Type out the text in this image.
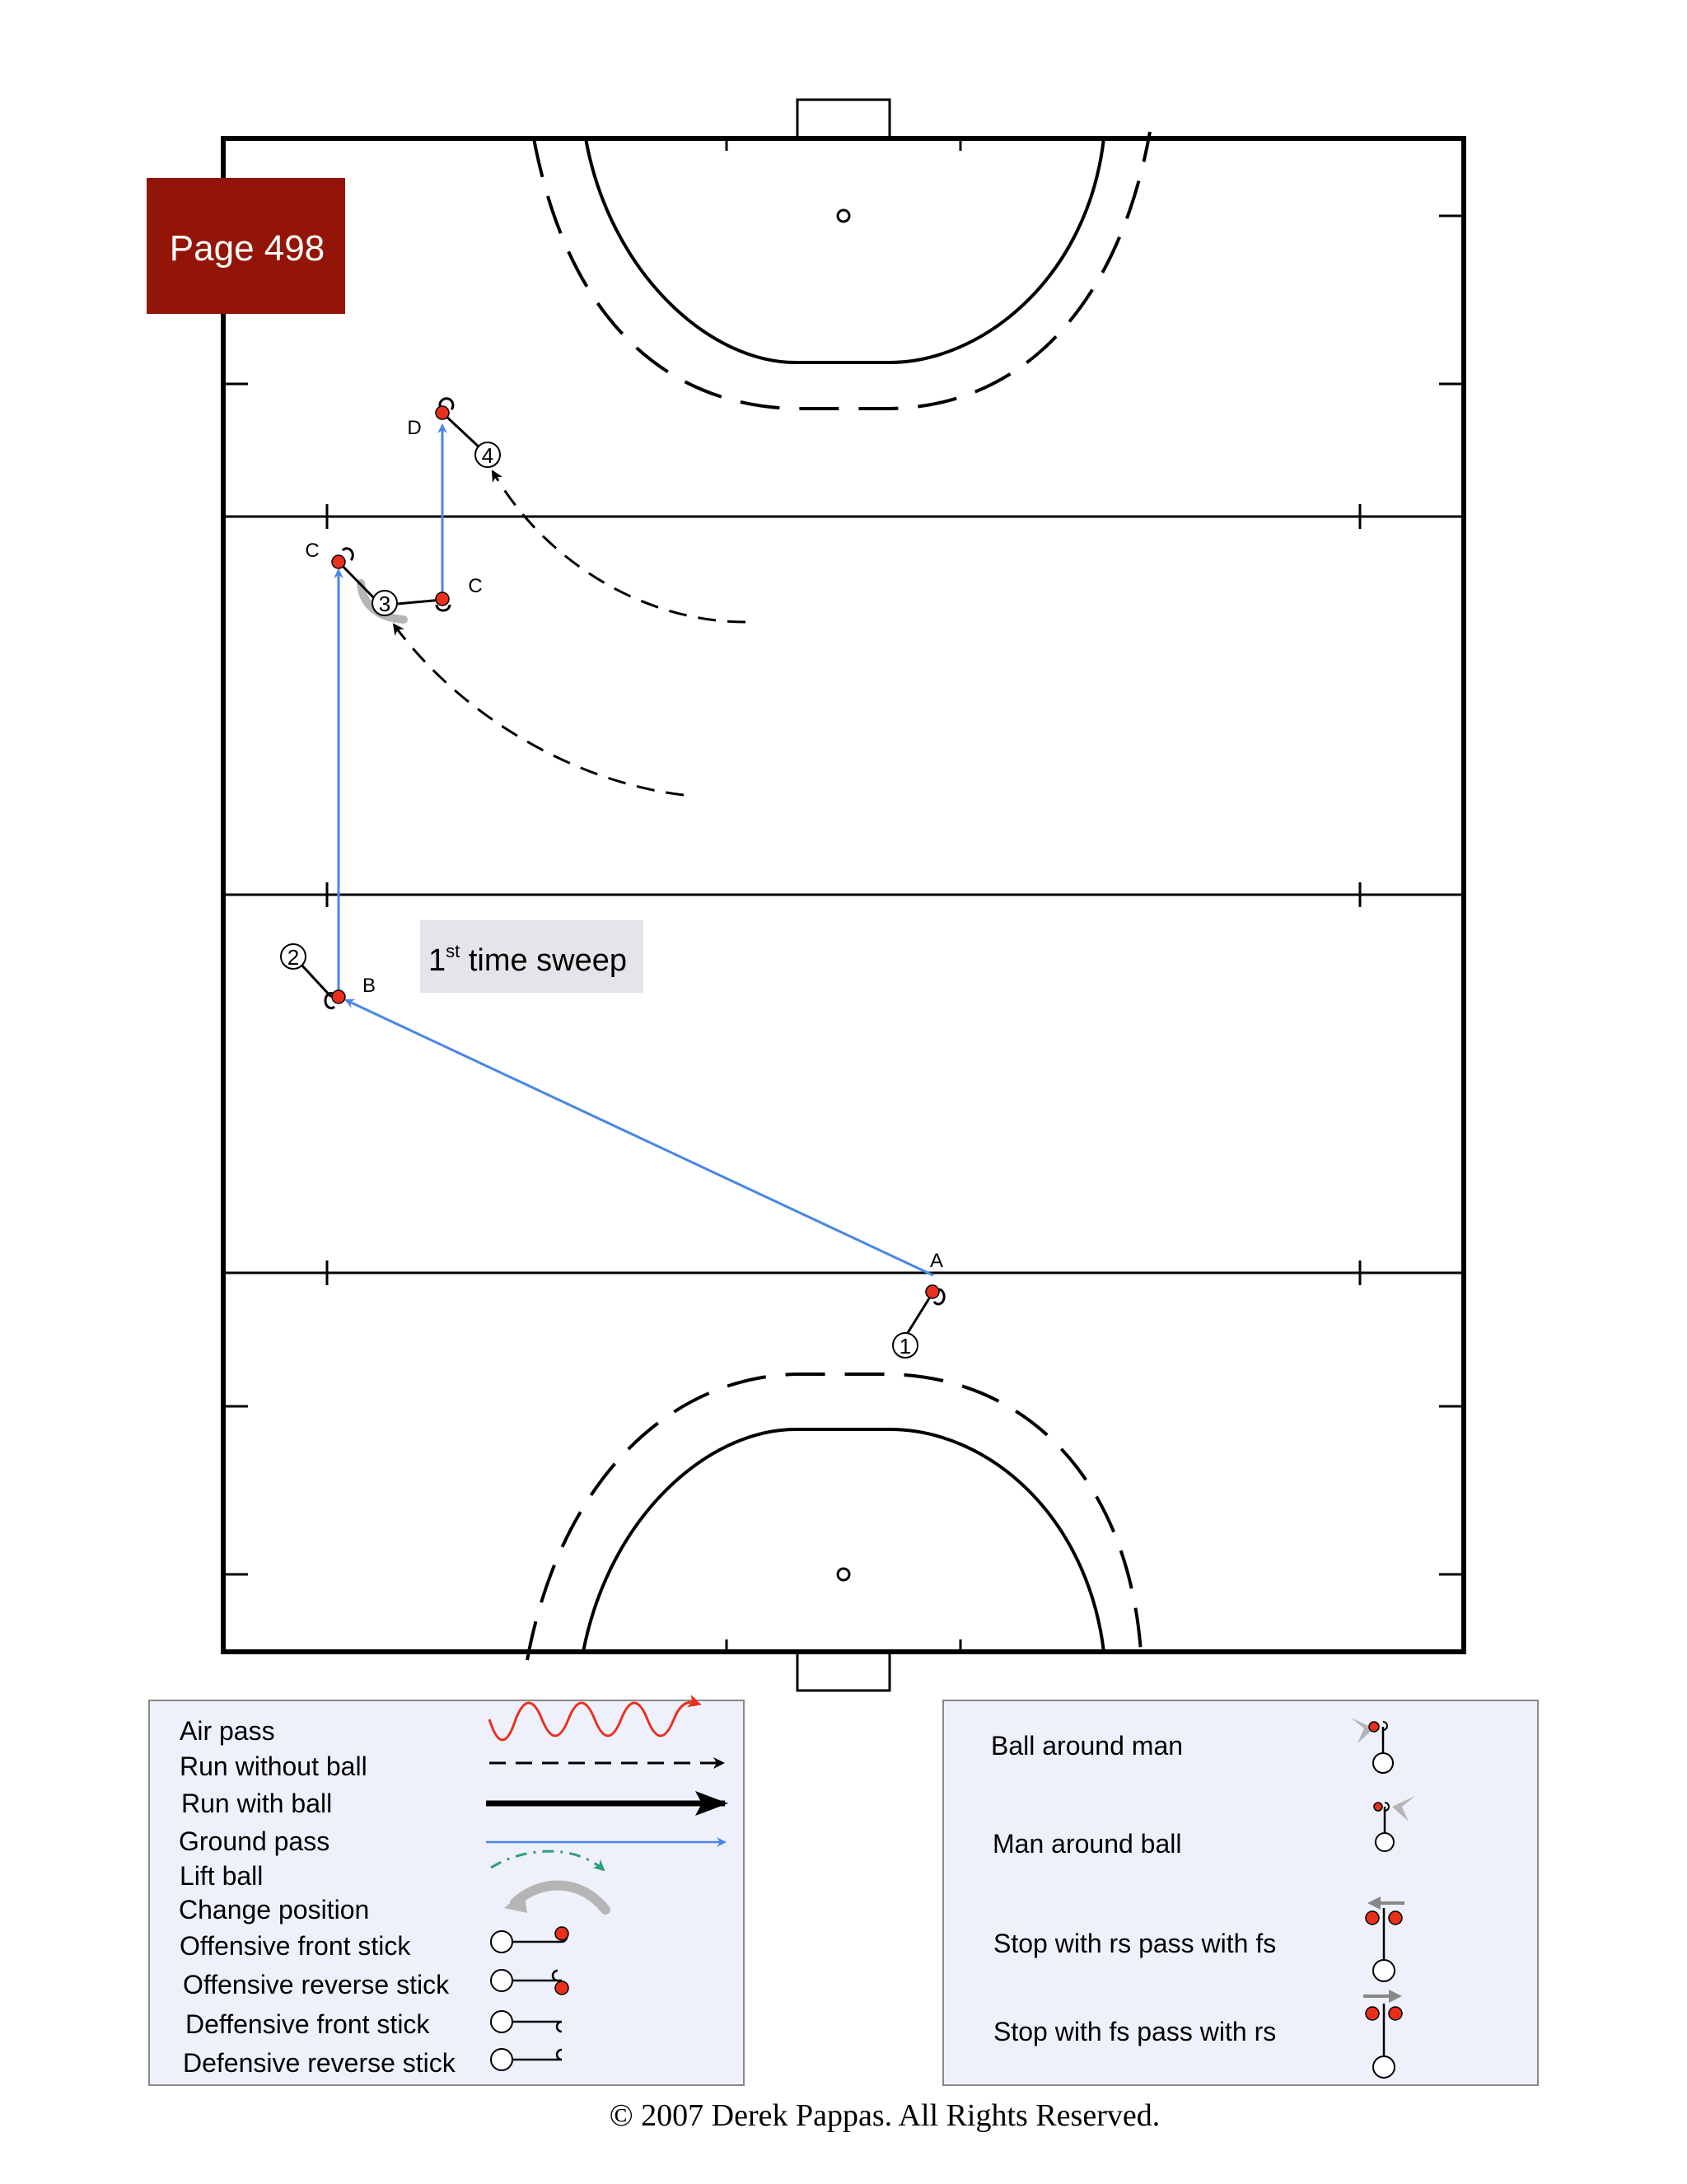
Page 498
1st time sweep
1
A
2
B
C
C
3
4
D
Air pass
Run without ball
Run with ball
Ground pass
Lift ball
Change position
Offensive front stick
Offensive reverse stick
Deffensive front stick
Defensive reverse stick
Ball around man
Man around ball
Stop with rs pass with fs
Stop with fs pass with rs
© 2007 Derek Pappas. All Rights Reserved.
